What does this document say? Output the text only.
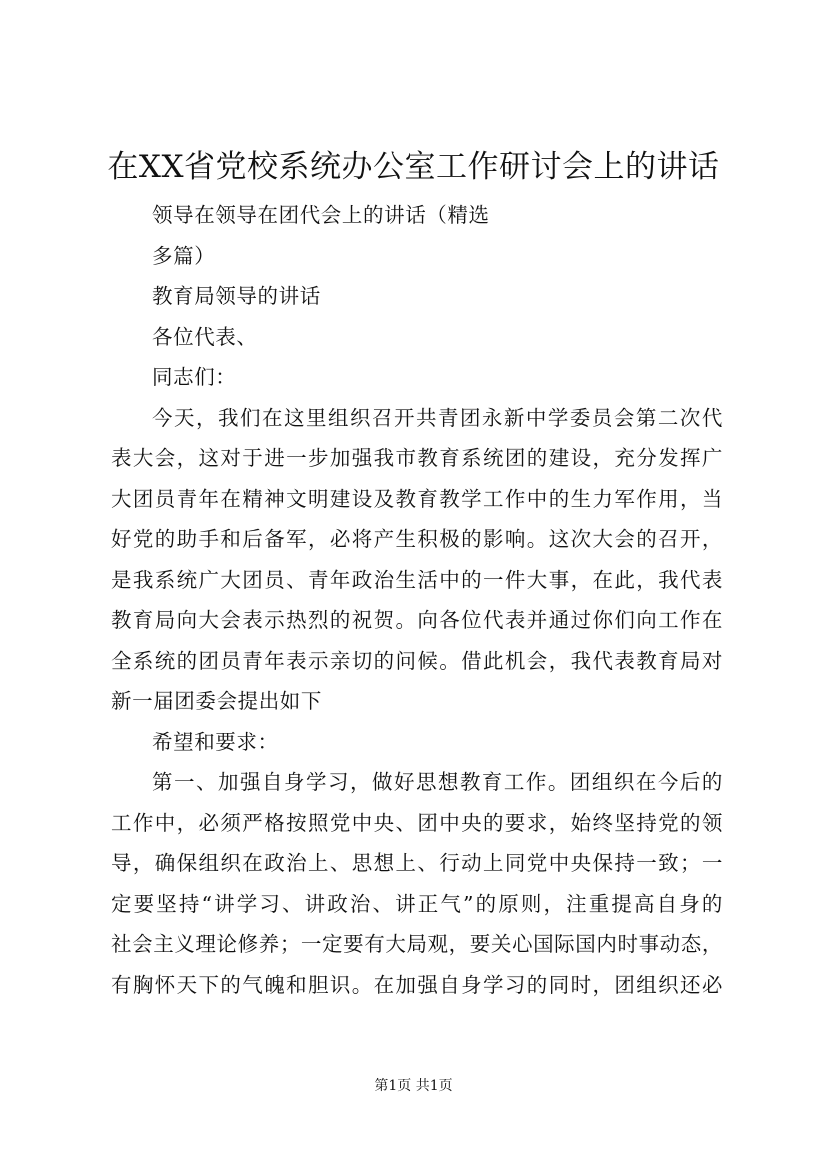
在XX省党校系统办公室工作研讨会上的讲话
领导在领导在团代会上的讲话（精选
多篇）
教育局领导的讲话
各位代表、
同志们：
今天，我们在这里组织召开共青团永新中学委员会第二次代
表大会，这对于进一步加强我市教育系统团的建设，充分发挥广
大团员青年在精神文明建设及教育教学工作中的生力军作用，当
好党的助手和后备军，必将产生积极的影响。这次大会的召开，
是我系统广大团员、青年政治生活中的一件大事，在此，我代表
教育局向大会表示热烈的祝贺。向各位代表并通过你们向工作在
全系统的团员青年表示亲切的问候。借此机会，我代表教育局对
新一届团委会提出如下
希望和要求：
第一、加强自身学习，做好思想教育工作。团组织在今后的
工作中，必须严格按照党中央、团中央的要求，始终坚持党的领
导，确保组织在政治上、思想上、行动上同党中央保持一致；一
定要坚持“讲学习、讲政治、讲正气”的原则，注重提高自身的
社会主义理论修养；一定要有大局观，要关心国际国内时事动态，
有胸怀天下的气魄和胆识。在加强自身学习的同时，团组织还必
第1页 共1页
